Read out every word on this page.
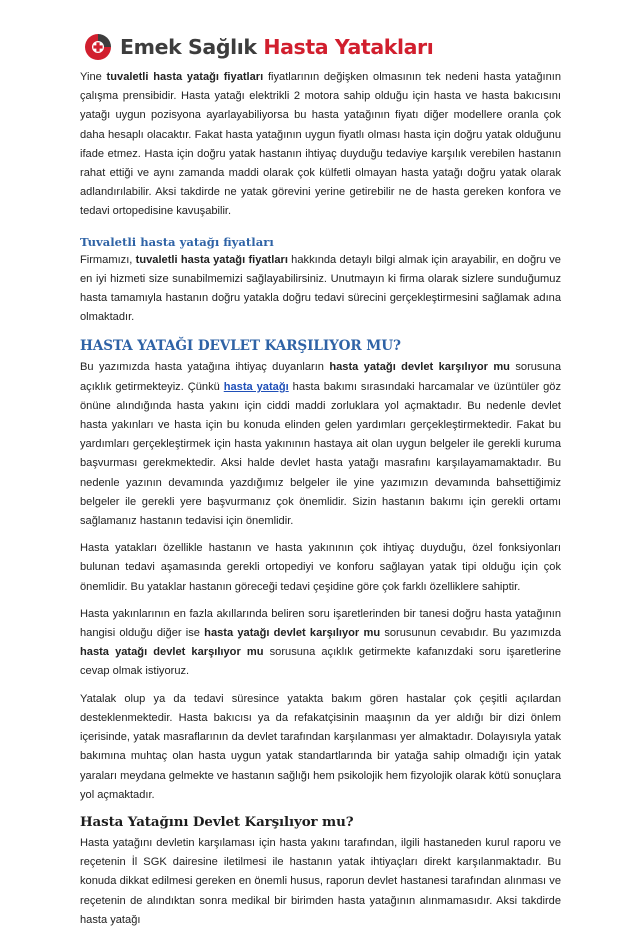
Emek Sağlık Hasta Yatakları

Yine tuvaletli hasta yatağı fiyatları fiyatlarının değişken olmasının tek nedeni hasta yatağının çalışma prensibidir. Hasta yatağı elektrikli 2 motora sahip olduğu için hasta ve hasta bakıcısını yatağı uygun pozisyona ayarlayabiliyorsa bu hasta yatağının fiyatı diğer modellere oranla çok daha hesaplı olacaktır. Fakat hasta yatağının uygun fiyatlı olması hasta için doğru yatak olduğunu ifade etmez. Hasta için doğru yatak hastanın ihtiyaç duyduğu tedaviye karşılık verebilen hastanın rahat ettiği ve aynı zamanda maddi olarak çok külfetli olmayan hasta yatağı doğru yatak olarak adlandırılabilir. Aksi takdirde ne yatak görevini yerine getirebilir ne de hasta gereken konfora ve tedavi ortopedisine kavuşabilir.

Tuvaletli hasta yatağı fiyatları

Firmamızı, tuvaletli hasta yatağı fiyatları hakkında detaylı bilgi almak için arayabilir, en doğru ve en iyi hizmeti size sunabilmemizi sağlayabilirsiniz. Unutmayın ki firma olarak sizlere sunduğumuz hasta tamamıyla hastanın doğru yatakla doğru tedavi sürecini gerçekleştirmesini sağlamak adına olmaktadır.

HASTA YATAĞI DEVLET KARŞILIYOR MU?

Bu yazımızda hasta yatağına ihtiyaç duyanların hasta yatağı devlet karşılıyor mu sorusuna açıklık getirmekteyiz. Çünkü hasta yatağı hasta bakımı sırasındaki harcamalar ve üzüntüler göz önüne alındığında hasta yakını için ciddi maddi zorluklara yol açmaktadır. Bu nedenle devlet hasta yakınları ve hasta için bu konuda elinden gelen yardımları gerçekleştirmektedir. Fakat bu yardımları gerçekleştirmek için hasta yakınının hastaya ait olan uygun belgeler ile gerekli kuruma başvurması gerekmektedir. Aksi halde devlet hasta yatağı masrafını karşılayamamaktadır. Bu nedenle yazının devamında yazdığımız belgeler ile yine yazımızın devamında bahsettiğimiz belgeler ile gerekli yere başvurmanız çok önemlidir. Sizin hastanın bakımı için gerekli ortamı sağlamanız hastanın tedavisi için önemlidir.

Hasta yatakları özellikle hastanın ve hasta yakınının çok ihtiyaç duyduğu, özel fonksiyonları bulunan tedavi aşamasında gerekli ortopediyi ve konforu sağlayan yatak tipi olduğu için çok önemlidir. Bu yataklar hastanın göreceği tedavi çeşidine göre çok farklı özelliklere sahiptir.

Hasta yakınlarının en fazla akıllarında beliren soru işaretlerinden bir tanesi doğru hasta yatağının hangisi olduğu diğer ise hasta yatağı devlet karşılıyor mu sorusunun cevabıdır. Bu yazımızda hasta yatağı devlet karşılıyor mu sorusuna açıklık getirmekte kafanızdaki soru işaretlerine cevap olmak istiyoruz.

Yatalak olup ya da tedavi süresince yatakta bakım gören hastalar çok çeşitli açılardan desteklenmektedir. Hasta bakıcısı ya da refakatçisinin maaşının da yer aldığı bir dizi önlem içerisinde, yatak masraflarının da devlet tarafından karşılanması yer almaktadır. Dolayısıyla yatak bakımına muhtaç olan hasta uygun yatak standartlarında bir yatağa sahip olmadığı için yatak yaraları meydana gelmekte ve hastanın sağlığı hem psikolojik hem fizyolojik olarak kötü sonuçlara yol açmaktadır.

Hasta Yatağını Devlet Karşılıyor mu?

Hasta yatağını devletin karşılaması için hasta yakını tarafından, ilgili hastaneden kurul raporu ve reçetenin İl SGK dairesine iletilmesi ile hastanın yatak ihtiyaçları direkt karşılanmaktadır. Bu konuda dikkat edilmesi gereken en önemli husus, raporun devlet hastanesi tarafından alınması ve reçetenin de alındıktan sonra medikal bir birimden hasta yatağının alınmamasıdır. Aksi takdirde hasta yatağı
